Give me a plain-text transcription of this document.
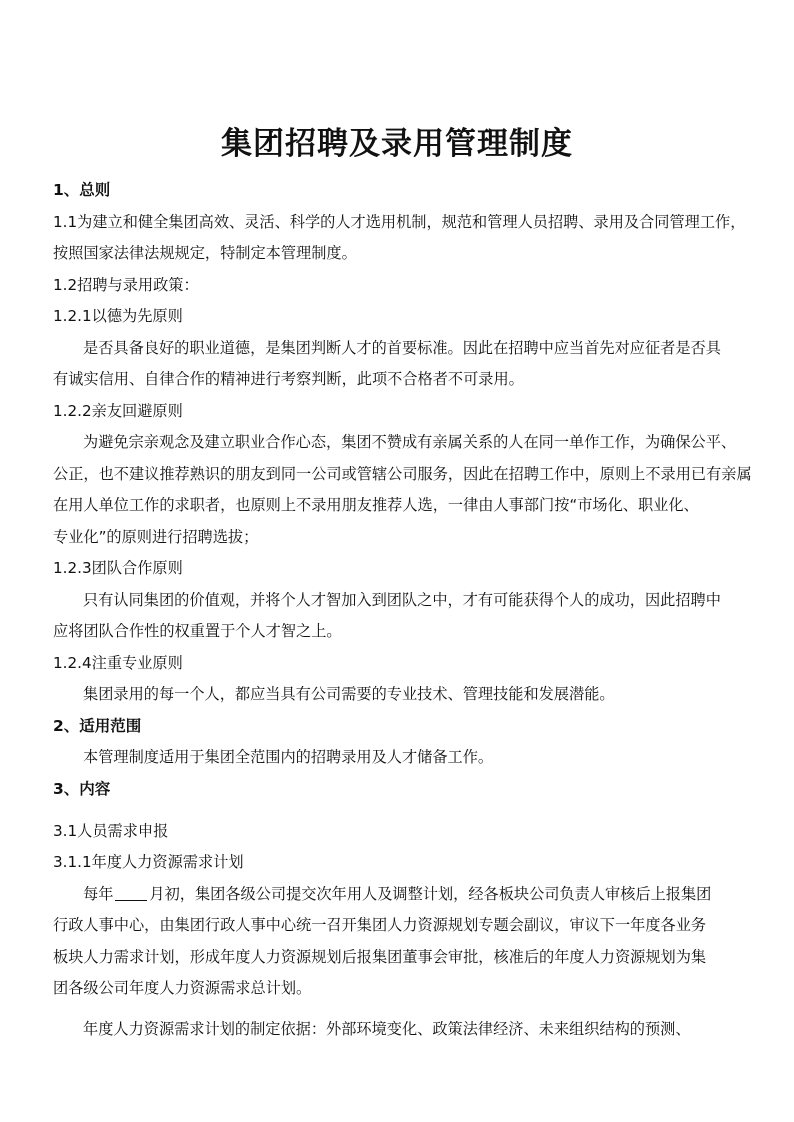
集团招聘及录用管理制度

1、总则

1.1为建立和健全集团高效、灵活、科学的人才选用机制，规范和管理人员招聘、录用及合同管理工作，

按照国家法律法规规定，特制定本管理制度。

1.2招聘与录用政策：

1.2.1以德为先原则

是否具备良好的职业道德，是集团判断人才的首要标准。因此在招聘中应当首先对应征者是否具

有诚实信用、自律合作的精神进行考察判断，此项不合格者不可录用。

1.2.2亲友回避原则

为避免宗亲观念及建立职业合作心态，集团不赞成有亲属关系的人在同一单作工作，为确保公平、

公正，也不建议推荐熟识的朋友到同一公司或管辖公司服务，因此在招聘工作中，原则上不录用已有亲属

在用人单位工作的求职者，也原则上不录用朋友推荐人选，一律由人事部门按“市场化、职业化、

专业化”的原则进行招聘选拔；

1.2.3团队合作原则

只有认同集团的价值观，并将个人才智加入到团队之中，才有可能获得个人的成功，因此招聘中

应将团队合作性的权重置于个人才智之上。

1.2.4注重专业原则

集团录用的每一个人，都应当具有公司需要的专业技术、管理技能和发展潜能。

2、适用范围

本管理制度适用于集团全范围内的招聘录用及人才储备工作。

3、内容

3.1人员需求申报

3.1.1年度人力资源需求计划

每年 月初，集团各级公司提交次年用人及调整计划，经各板块公司负责人审核后上报集团

行政人事中心，由集团行政人事中心统一召开集团人力资源规划专题会副议，审议下一年度各业务

板块人力需求计划，形成年度人力资源规划后报集团董事会审批，核准后的年度人力资源规划为集

团各级公司年度人力资源需求总计划。

年度人力资源需求计划的制定依据：外部环境变化、政策法律经济、未来组织结构的预测、
